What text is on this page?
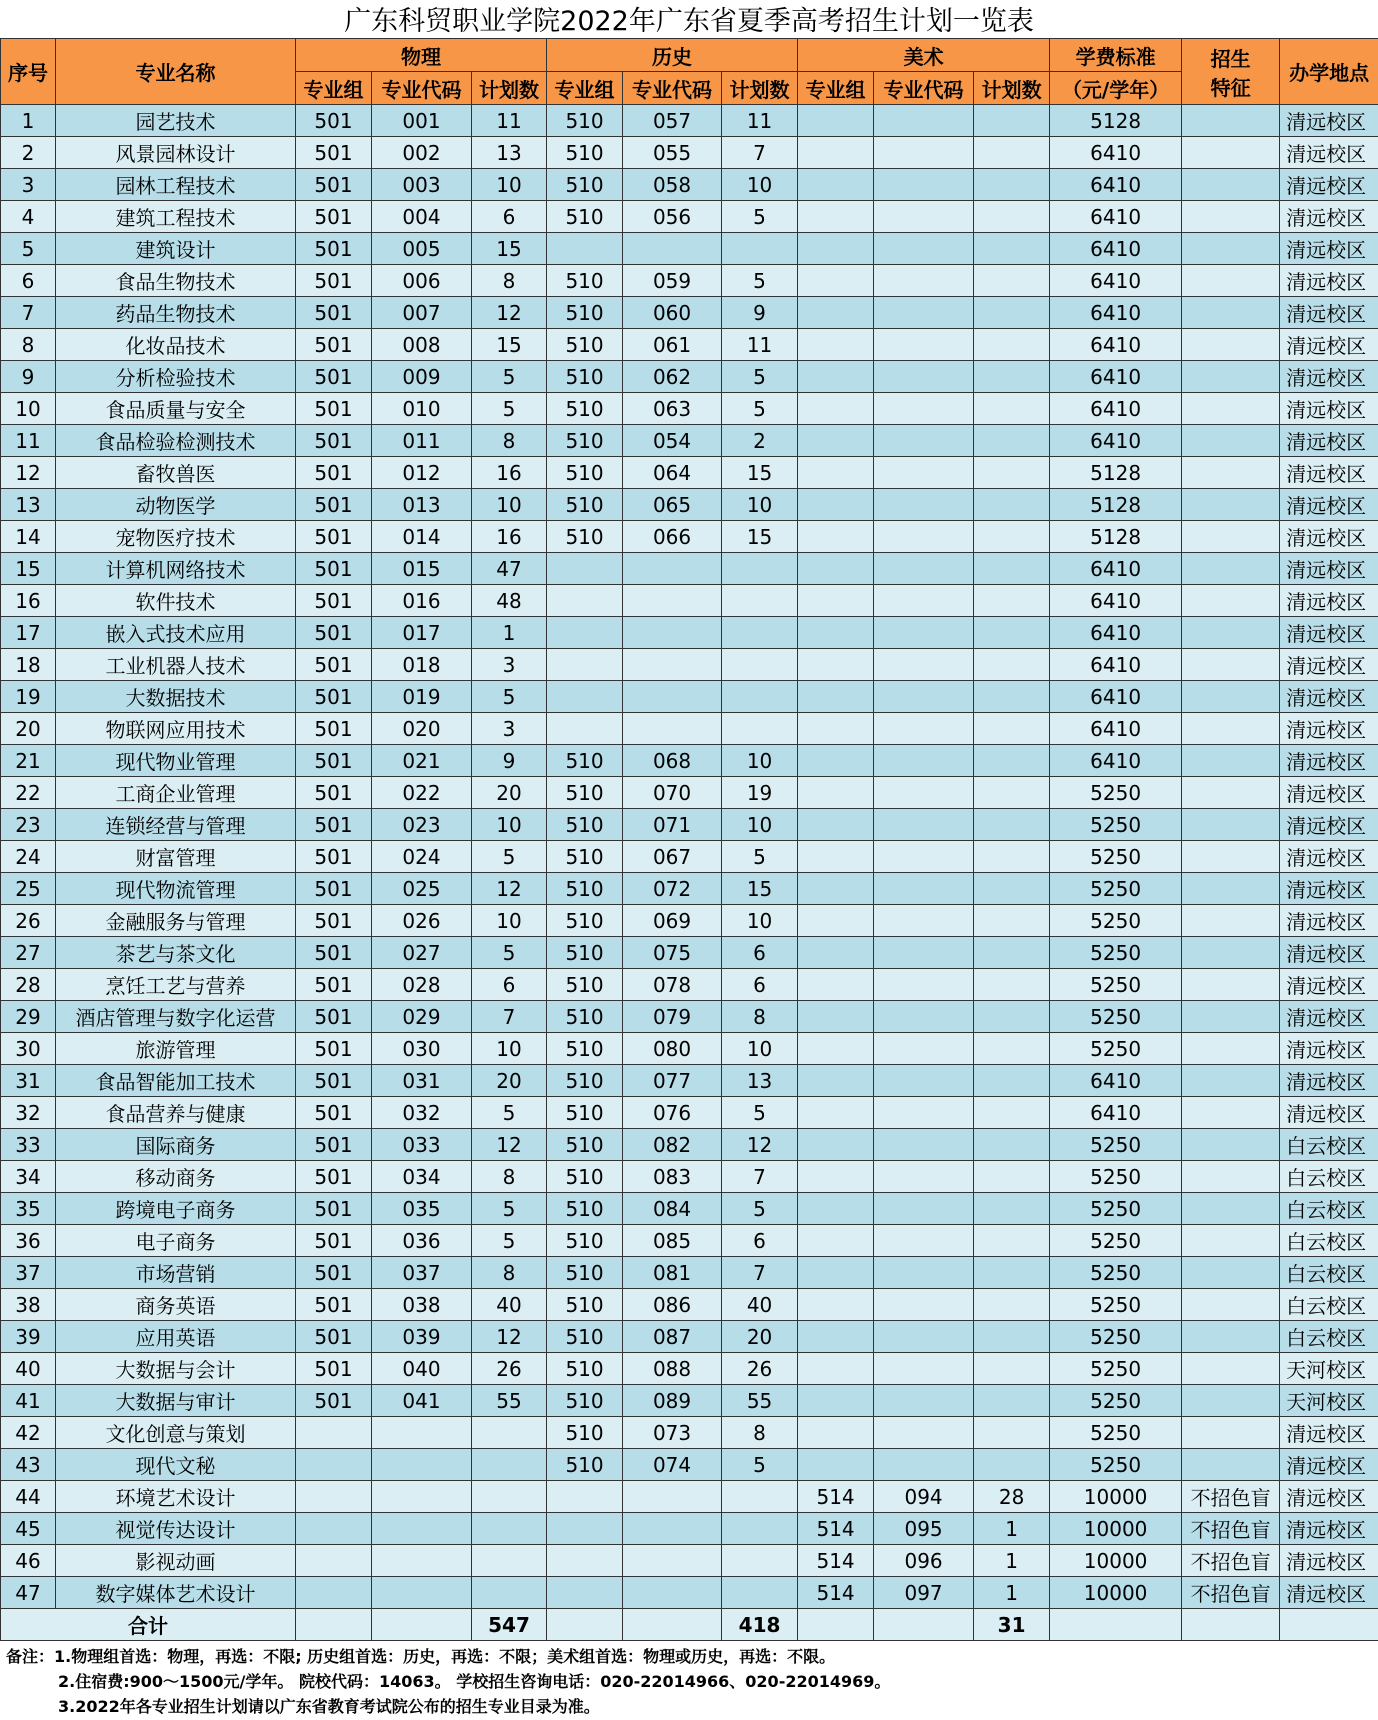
广东科贸职业学院2022年广东省夏季高考招生计划一览表
序号	专业名称	物理			历史			美术			学费标准	招生
特征	办学地点
		专业组	专业代码	计划数	专业组	专业代码	计划数	专业组	专业代码	计划数	（元/学年）		
1	园艺技术	501	001	11	510	057	11				5128		清远校区
2	风景园林设计	501	002	13	510	055	7				6410		清远校区
3	园林工程技术	501	003	10	510	058	10				6410		清远校区
4	建筑工程技术	501	004	6	510	056	5				6410		清远校区
5	建筑设计	501	005	15							6410		清远校区
6	食品生物技术	501	006	8	510	059	5				6410		清远校区
7	药品生物技术	501	007	12	510	060	9				6410		清远校区
8	化妆品技术	501	008	15	510	061	11				6410		清远校区
9	分析检验技术	501	009	5	510	062	5				6410		清远校区
10	食品质量与安全	501	010	5	510	063	5				6410		清远校区
11	食品检验检测技术	501	011	8	510	054	2				6410		清远校区
12	畜牧兽医	501	012	16	510	064	15				5128		清远校区
13	动物医学	501	013	10	510	065	10				5128		清远校区
14	宠物医疗技术	501	014	16	510	066	15				5128		清远校区
15	计算机网络技术	501	015	47							6410		清远校区
16	软件技术	501	016	48							6410		清远校区
17	嵌入式技术应用	501	017	1							6410		清远校区
18	工业机器人技术	501	018	3							6410		清远校区
19	大数据技术	501	019	5							6410		清远校区
20	物联网应用技术	501	020	3							6410		清远校区
21	现代物业管理	501	021	9	510	068	10				6410		清远校区
22	工商企业管理	501	022	20	510	070	19				5250		清远校区
23	连锁经营与管理	501	023	10	510	071	10				5250		清远校区
24	财富管理	501	024	5	510	067	5				5250		清远校区
25	现代物流管理	501	025	12	510	072	15				5250		清远校区
26	金融服务与管理	501	026	10	510	069	10				5250		清远校区
27	茶艺与茶文化	501	027	5	510	075	6				5250		清远校区
28	烹饪工艺与营养	501	028	6	510	078	6				5250		清远校区
29	酒店管理与数字化运营	501	029	7	510	079	8				5250		清远校区
30	旅游管理	501	030	10	510	080	10				5250		清远校区
31	食品智能加工技术	501	031	20	510	077	13				6410		清远校区
32	食品营养与健康	501	032	5	510	076	5				6410		清远校区
33	国际商务	501	033	12	510	082	12				5250		白云校区
34	移动商务	501	034	8	510	083	7				5250		白云校区
35	跨境电子商务	501	035	5	510	084	5				5250		白云校区
36	电子商务	501	036	5	510	085	6				5250		白云校区
37	市场营销	501	037	8	510	081	7				5250		白云校区
38	商务英语	501	038	40	510	086	40				5250		白云校区
39	应用英语	501	039	12	510	087	20				5250		白云校区
40	大数据与会计	501	040	26	510	088	26				5250		天河校区
41	大数据与审计	501	041	55	510	089	55				5250		天河校区
42	文化创意与策划				510	073	8				5250		清远校区
43	现代文秘				510	074	5				5250		清远校区
44	环境艺术设计							514	094	28	10000	不招色盲	清远校区
45	视觉传达设计							514	095	1	10000	不招色盲	清远校区
46	影视动画							514	096	1	10000	不招色盲	清远校区
47	数字媒体艺术设计							514	097	1	10000	不招色盲	清远校区
合计				547			418			31			
备注：1.物理组首选：物理，再选：不限; 历史组首选：历史，再选：不限；美术组首选：物理或历史，再选：不限。
2.住宿费:900～1500元/学年。 院校代码：14063。 学校招生咨询电话：020-22014966、020-22014969。
3.2022年各专业招生计划请以广东省教育考试院公布的招生专业目录为准。
